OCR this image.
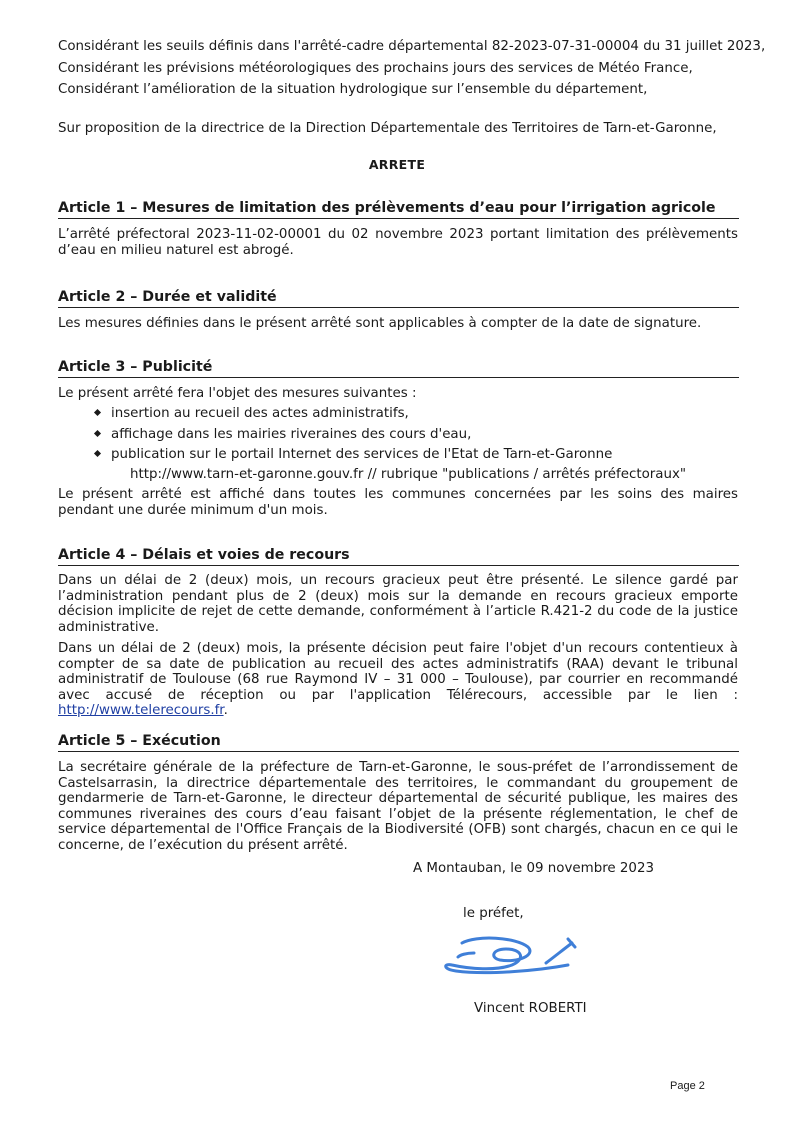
Considérant les seuils définis dans l'arrêté-cadre départemental 82-2023-07-31-00004 du 31 juillet 2023,

Considérant les prévisions météorologiques des prochains jours des services de Météo France,

Considérant l’amélioration de la situation hydrologique sur l’ensemble du département,

Sur proposition de la directrice de la Direction Départementale des Territoires de Tarn-et-Garonne,

ARRETE
Article 1 – Mesures de limitation des prélèvements d’eau pour l’irrigation agricole

L’arrêté préfectoral 2023-11-02-00001 du 02 novembre 2023 portant limitation des prélèvements d’eau en milieu naturel est abrogé.

Article 2 – Durée et validité

Les mesures définies dans le présent arrêté sont applicables à compter de la date de signature.

Article 3 – Publicité

Le présent arrêté fera l'objet des mesures suivantes :

insertion au recueil des actes administratifs,
affichage dans les mairies riveraines des cours d'eau,
publication sur le portail Internet des services de l'Etat de Tarn-et-Garonne
http://www.tarn-et-garonne.gouv.fr // rubrique "publications / arrêtés préfectoraux"

Le présent arrêté est affiché dans toutes les communes concernées par les soins des maires pendant une durée minimum d'un mois.

Article 4 – Délais et voies de recours

Dans un délai de 2 (deux) mois, un recours gracieux peut être présenté. Le silence gardé par l’administration pendant plus de 2 (deux) mois sur la demande en recours gracieux emporte décision implicite de rejet de cette demande, conformément à l’article R.421-2 du code de la justice administrative.

Dans un délai de 2 (deux) mois, la présente décision peut faire l'objet d'un recours contentieux à compter de sa date de publication au recueil des actes administratifs (RAA) devant le tribunal administratif de Toulouse (68 rue Raymond IV – 31 000 – Toulouse), par courrier en recommandé avec accusé de réception ou par l'application Télérecours, accessible par le lien : http://www.telerecours.fr.

Article 5 – Exécution

La secrétaire générale de la préfecture de Tarn-et-Garonne, le sous-préfet de l’arrondissement de Castelsarrasin, la directrice départementale des territoires, le commandant du groupement de gendarmerie de Tarn-et-Garonne, le directeur départemental de sécurité publique, les maires des communes riveraines des cours d’eau faisant l’objet de la présente réglementation, le chef de service départemental de l'Office Français de la Biodiversité (OFB) sont chargés, chacun en ce qui le concerne, de l’exécution du présent arrêté.

A Montauban, le 09 novembre 2023
le préfet,
Vincent ROBERTI
Page 2
